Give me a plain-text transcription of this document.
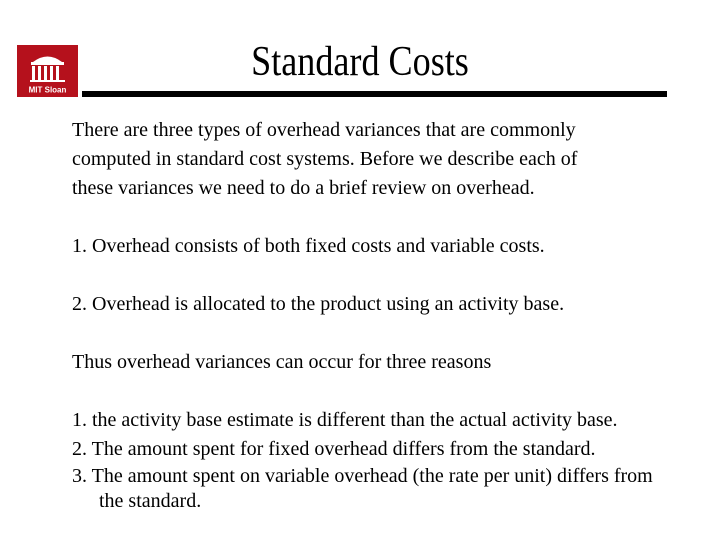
MIT Sloan
Standard Costs

There are three types of overhead variances that are commonly
computed in standard cost systems. Before we describe each of
these variances we need to do a brief review on overhead.

1. Overhead consists of both fixed costs and variable costs.

2. Overhead is allocated to the product using an activity base.

Thus overhead variances can occur for three reasons

1. the activity base estimate is different than the actual activity base.

2. The amount spent for fixed overhead differs from the standard.

3. The amount spent on variable overhead (the rate per unit) differs from

the standard.
